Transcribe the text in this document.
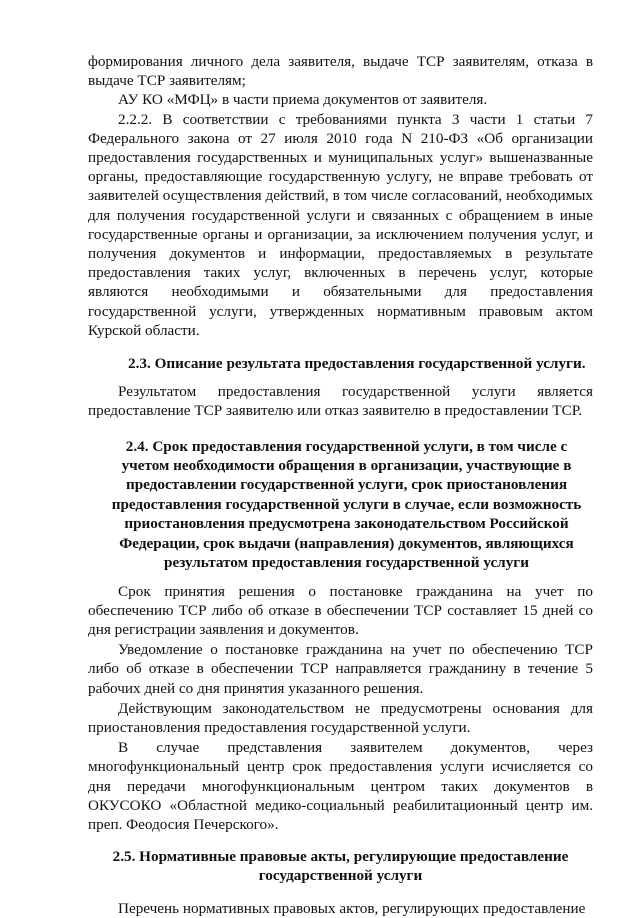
формирования личного дела заявителя, выдаче ТСР заявителям, отказа в выдаче ТСР заявителям;

АУ КО «МФЦ» в части приема документов от заявителя.

2.2.2. В соответствии с требованиями пункта 3 части 1 статьи 7 Федерального закона от 27 июля 2010 года N 210-ФЗ «Об организации предоставления государственных и муниципальных услуг» вышеназванные органы, предоставляющие государственную услугу, не вправе требовать от заявителей осуществления действий, в том числе согласований, необходимых для получения государственной услуги и связанных с обращением в иные государственные органы и организации, за исключением получения услуг, и получения документов и информации, предоставляемых в результате предоставления таких услуг, включенных в перечень услуг, которые являются необходимыми и обязательными для предоставления государственной услуги, утвержденных нормативным правовым актом Курской области.

2.3. Описание результата предоставления государственной услуги.

Результатом предоставления государственной услуги является предоставление ТСР заявителю или отказ заявителю в предоставлении ТСР.

2.4. Срок предоставления государственной услуги, в том числе с учетом необходимости обращения в организации, участвующие в предоставлении государственной услуги, срок приостановления предоставления государственной услуги в случае, если возможность приостановления предусмотрена законодательством Российской Федерации, срок выдачи (направления) документов, являющихся результатом предоставления государственной услуги

Срок принятия решения о постановке гражданина на учет по обеспечению ТСР либо об отказе в обеспечении ТСР составляет 15 дней со дня регистрации заявления и документов.

Уведомление о постановке гражданина на учет по обеспечению ТСР либо об отказе в обеспечении ТСР направляется гражданину в течение 5 рабочих дней со дня принятия указанного решения.

Действующим законодательством не предусмотрены основания для приостановления предоставления государственной услуги.

В случае представления заявителем документов, через многофункциональный центр срок предоставления услуги исчисляется со дня передачи многофункциональным центром таких документов в ОКУСОКО «Областной медико-социальный реабилитационный центр им. преп. Феодосия Печерского».

2.5. Нормативные правовые акты, регулирующие предоставление государственной услуги

Перечень нормативных правовых актов, регулирующих предоставление
